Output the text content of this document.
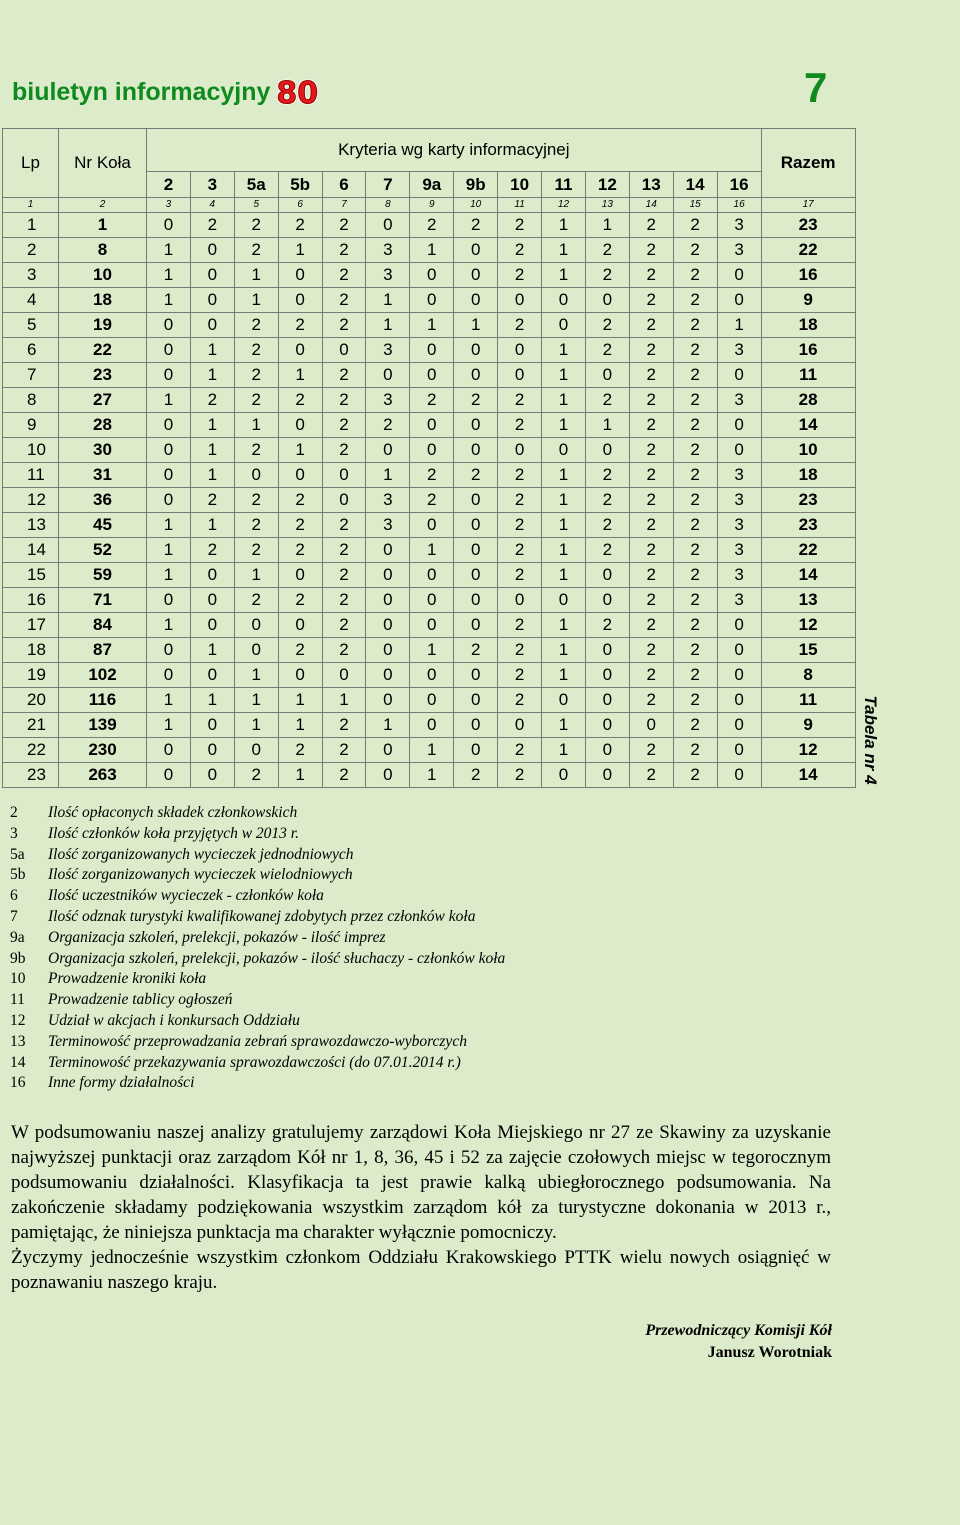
biuletyn informacyjny 80	7
Lp	Nr Koła	Kryteria wg karty informacyjnej														Razem
		2	3	5a	5b	6	7	9a	9b	10	11	12	13	14	16	
1	2	3	4	5	6	7	8	9	10	11	12	13	14	15	16	17
1	1	0	2	2	2	2	0	2	2	2	1	1	2	2	3	23
2	8	1	0	2	1	2	3	1	0	2	1	2	2	2	3	22
3	10	1	0	1	0	2	3	0	0	2	1	2	2	2	0	16
4	18	1	0	1	0	2	1	0	0	0	0	0	2	2	0	9
5	19	0	0	2	2	2	1	1	1	2	0	2	2	2	1	18
6	22	0	1	2	0	0	3	0	0	0	1	2	2	2	3	16
7	23	0	1	2	1	2	0	0	0	0	1	0	2	2	0	11
8	27	1	2	2	2	2	3	2	2	2	1	2	2	2	3	28
9	28	0	1	1	0	2	2	0	0	2	1	1	2	2	0	14
10	30	0	1	2	1	2	0	0	0	0	0	0	2	2	0	10
11	31	0	1	0	0	0	1	2	2	2	1	2	2	2	3	18
12	36	0	2	2	2	0	3	2	0	2	1	2	2	2	3	23
13	45	1	1	2	2	2	3	0	0	2	1	2	2	2	3	23
14	52	1	2	2	2	2	0	1	0	2	1	2	2	2	3	22
15	59	1	0	1	0	2	0	0	0	2	1	0	2	2	3	14
16	71	0	0	2	2	2	0	0	0	0	0	0	2	2	3	13
17	84	1	0	0	0	2	0	0	0	2	1	2	2	2	0	12
18	87	0	1	0	2	2	0	1	2	2	1	0	2	2	0	15
19	102	0	0	1	0	0	0	0	0	2	1	0	2	2	0	8
20	116	1	1	1	1	1	0	0	0	2	0	0	2	2	0	11
21	139	1	0	1	1	2	1	0	0	0	1	0	0	2	0	9
22	230	0	0	0	2	2	0	1	0	2	1	0	2	2	0	12
23	263	0	0	2	1	2	0	1	2	2	0	0	2	2	0	14	Tabela nr 4
2	Ilość opłaconych składek członkowskich
3	Ilość członków koła przyjętych w 2013 r.
5a	Ilość zorganizowanych wycieczek jednodniowych
5b	Ilość zorganizowanych wycieczek wielodniowych
6	Ilość uczestników wycieczek - członków koła
7	Ilość odznak turystyki kwalifikowanej zdobytych przez członków koła
9a	Organizacja szkoleń, prelekcji, pokazów - ilość imprez
9b	Organizacja szkoleń, prelekcji, pokazów - ilość słuchaczy - członków koła
10	Prowadzenie kroniki koła
11	Prowadzenie tablicy ogłoszeń
12	Udział w akcjach i konkursach Oddziału
13	Terminowość przeprowadzania zebrań sprawozdawczo-wyborczych
14	Terminowość przekazywania sprawozdawczości (do 07.01.2014 r.)
16	Inne formy działalności

W podsumowaniu naszej analizy gratulujemy zarządowi Koła Miejskiego nr 27 ze Skawiny za uzyskanie najwyższej punktacji oraz zarządom Kół nr 1, 8, 36, 45 i 52 za zajęcie czołowych miejsc w tegorocznym podsumowaniu działalności. Klasyfikacja ta jest prawie kalką ubiegłorocznego podsumowania. Na zakończenie składamy podziękowania wszystkim zarządom kół za turystyczne dokonania w 2013 r., pamiętając, że niniejsza punktacja ma charakter wyłącznie pomocniczy.

Życzymy jednocześnie wszystkim członkom Oddziału Krakowskiego PTTK wielu nowych osiągnięć w poznawaniu naszego kraju.

Przewodniczący Komisji Kół
Janusz Worotniak
